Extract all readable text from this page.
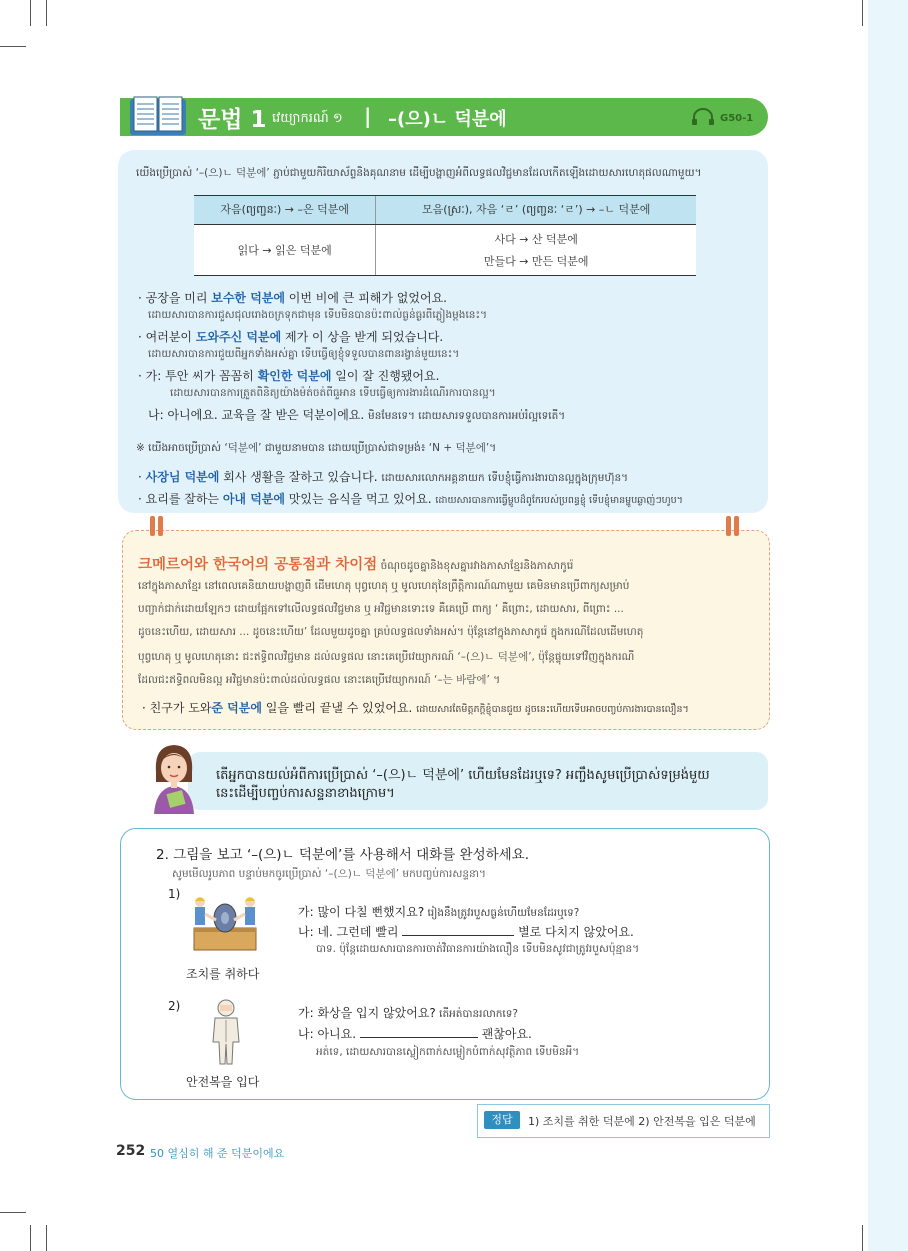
문법 1 វេយ្យាករណ៍ ១ | –(으)ㄴ 덕분에	G50-1
យើងប្រើប្រាស់ ‘–(으)ㄴ 덕분에’ ភ្ជាប់ជាមួយកិរិយាស័ព្ទនិងគុណនាម ដើម្បីបង្ហាញអំពីលទ្ធផលវិជ្ជមានដែលកើតឡើងដោយសារហេតុផលណាមួយ។
자음(ព្យញ្ជនៈ) → –은 덕분에	모음(ស្រៈ), 자음 ‘ㄹ’ (ព្យញ្ជនៈ ‘ㄹ’) → –ㄴ 덕분에
읽다 → 읽은 덕분에	사다 → 산 덕분에
만들다 → 만든 덕분에
· 공장을 미리 보수한 덕분에 이번 비에 큰 피해가 없었어요.
ដោយសារបានការជួសជុលរោងចក្រទុកជាមុន ទើបមិនបានប៉ះពាល់ធ្ងន់ធ្ងរពីភ្លៀងម្ដងនេះ។
· 여러분이 도와주신 덕분에 제가 이 상을 받게 되었습니다.
ដោយសារបានការជួយពីអ្នកទាំងអស់គ្នា ទើបធ្វើឲ្យខ្ញុំទទួលបានពានរង្វាន់មួយនេះ។
· 가: 투안 씨가 꼼꼼히 확인한 덕분에 일이 잘 진행됐어요.
ដោយសារបានការត្រួតពិនិត្យយ៉ាងម៉ត់ចត់ពីធួអាន ទើបធ្វើឲ្យការងារដំណើរការបានល្អ។
나: 아니에요. 교육을 잘 받은 덕분이에요. មិនមែនទេ។ ដោយសារទទួលបានការអប់រំល្អទេតើ។
※ យើងអាចប្រើប្រាស់ ‘덕분에’ ជាមួយនាមបាន ដោយប្រើប្រាស់ជាទម្រង់៖ ‘N + 덕분에’។
· 사장님 덕분에 회사 생활을 잘하고 있습니다. ដោយសារលោកអគ្គនាយក ទើបខ្ញុំធ្វើការងារបានល្អក្នុងក្រុមហ៊ុន។
· 요리를 잘하는 아내 덕분에 맛있는 음식을 먹고 있어요. ដោយសារបានការធ្វើម្ហូបដ៏ពូកែរបស់ប្រពន្ធខ្ញុំ ទើបខ្ញុំមានម្ហូបឆ្ងាញ់ៗហូប។
크메르어와 한국어의 공통점과 차이점 ចំណុចដូចគ្នានិងខុសគ្នារវាងភាសាខ្មែរនិងភាសាកូរ៉េ
នៅក្នុងភាសាខ្មែរ នៅពេលគេនិយាយបង្ហាញពី ដើមហេតុ បុព្វហេតុ ឬ មូលហេតុនៃព្រឹត្តិការណ៍ណាមួយ គេមិនមានប្រើពាក្យសម្រាប់
បញ្ជាក់ជាក់ដោយឡែកៗ ដោយផ្អែកទៅលើលទ្ធផលវិជ្ជមាន ឬ អវិជ្ជមានទោះទេ គឺគេប្រើ ពាក្យ ‘ គឺព្រោះ, ដោយសារ, ពីព្រោះ ...
ដូចនេះហើយ, ដោយសារ ... ដូចនេះហើយ’ ដែលមួយដូចគ្នា គ្រប់លទ្ធផលទាំងអស់។ ប៉ុន្តែនៅក្នុងភាសាកូរ៉េ ក្នុងករណីដែលដើមហេតុ
បុព្វហេតុ ឬ មូលហេតុនោះ ជះឥទ្ធិពលវិជ្ជមាន ដល់លទ្ធផល នោះគេប្រើវេយ្យាករណ៍ ‘–(으)ㄴ 덕분에’, ប៉ុន្តែផ្ទុយទៅវិញក្នុងករណី
ដែលជះឥទ្ធិពលមិនល្អ អវិជ្ជមានប៉ះពាល់ដល់លទ្ធផល នោះគេប្រើវេយ្យាករណ៍ ‘–는 바람에’ ។
· 친구가 도와준 덕분에 일을 빨리 끝낼 수 있었어요. ដោយសារតែមិត្តភក្តិខ្ញុំបានជួយ ដូចនេះហើយទើបអាចបញ្ចប់ការងារបានលឿន។
តើអ្នកបានយល់អំពីការប្រើប្រាស់ ‘–(으)ㄴ 덕분에’ ហើយមែនដែរឬទេ? អញ្ចឹងសូមប្រើប្រាស់ទម្រង់មួយ
នេះដើម្បីបញ្ចប់ការសន្ទនាខាងក្រោម។
2. 그림을 보고 ‘–(으)ㄴ 덕분에’를 사용해서 대화를 완성하세요.
សូមមើលរូបភាព បន្ទាប់មកចូរប្រើប្រាស់ ‘–(으)ㄴ 덕분에’ មកបញ្ចប់ការសន្ទនា។
1)
조치를 취하다
가: 많이 다칠 뻔했지요? រៀងនឹងត្រូវរបួសធ្ងន់ហើយមែនដែរឬទេ?
나: 네. 그런데 빨리	별로 다치지 않았어요.
បាទ. ប៉ុន្តែដោយសារបានការចាត់វិធានការយ៉ាងលឿន ទើបមិនសូវជាត្រូវរបួសប៉ុន្មាន។
2)
안전복을 입다
가: 화상을 입지 않았어요? តើអត់បានរលាកទេ?
나: 아니요.	괜찮아요.
អត់ទេ, ដោយសារបានស្លៀកពាក់សម្លៀកបំពាក់សុវត្ថិភាព ទើបមិនអី។
정답	1) 조치를 취한 덕분에 2) 안전복을 입은 덕분에
252 50 열심히 해 준 덕분이에요
